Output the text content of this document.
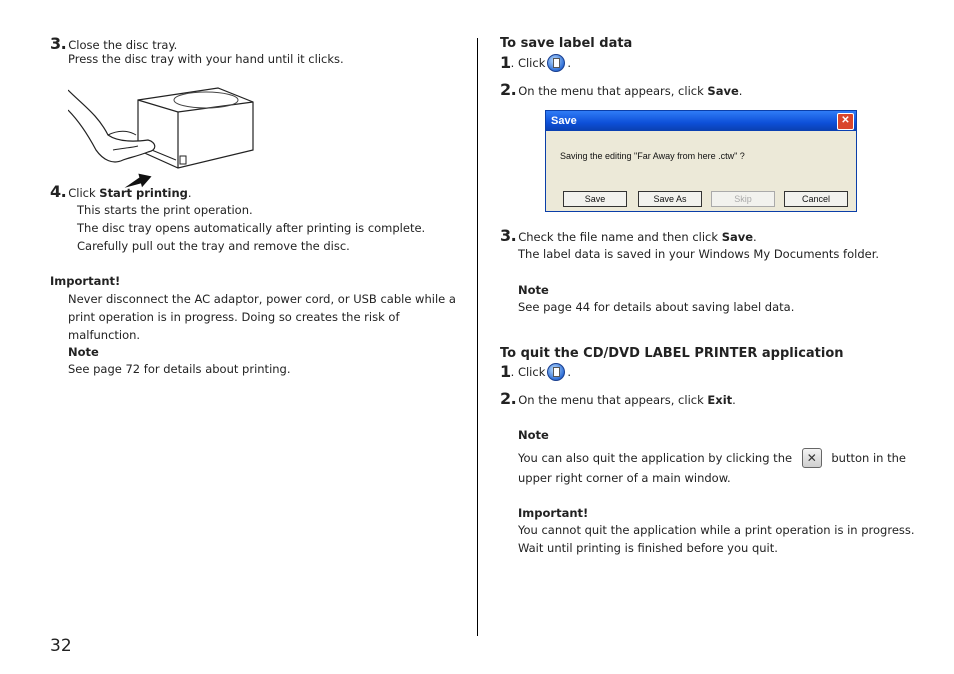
3. Close the disc tray.
Press the disc tray with your hand until it clicks.
4. Click Start printing.
This starts the print operation.
The disc tray opens automatically after printing is complete. Carefully pull out the tray and remove the disc.
Important!
Never disconnect the AC adaptor, power cord, or USB cable while a print operation is in progress. Doing so creates the risk of malfunction.
Note
See page 72 for details about printing.
To save label data
1 . Click .
2. On the menu that appears, click Save.
Save	✕
Saving the editing "Far Away from here .ctw" ?
Save	Save As	Skip	Cancel
3. Check the file name and then click Save.
The label data is saved in your Windows My Documents folder.
Note
See page 44 for details about saving label data.
To quit the CD/DVD LABEL PRINTER application
1 . Click .
2. On the menu that appears, click Exit.
Note
You can also quit the application by clicking the	✕	button in the
upper right corner of a main window.
Important!
You cannot quit the application while a print operation is in progress.
Wait until printing is finished before you quit.
32
